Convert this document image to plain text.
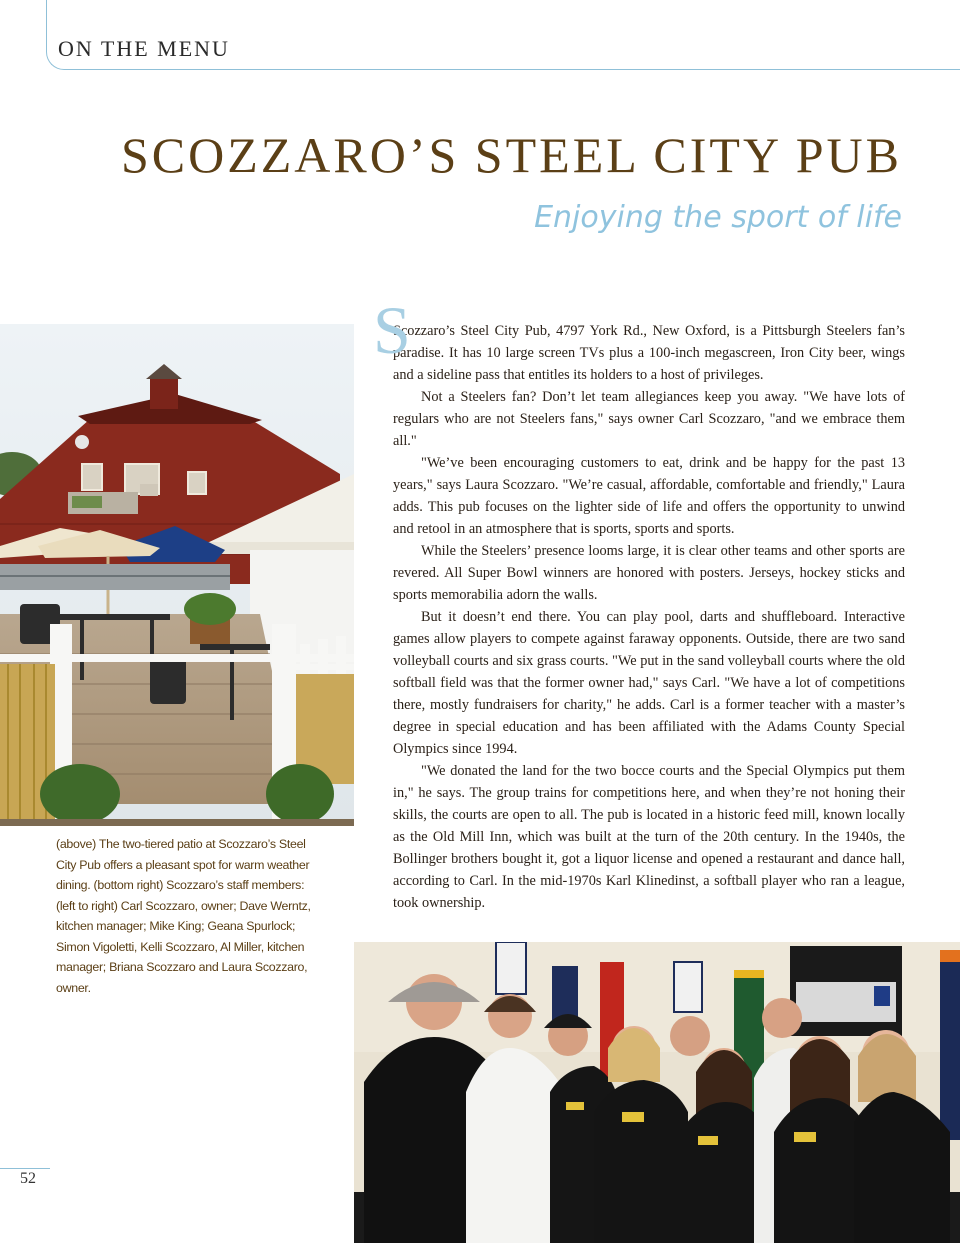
ON THE MENU
SCOZZARO’S STEEL CITY PUB
Enjoying the sport of life
(above) The two-tiered patio at Scozzaro’s Steel City Pub offers a pleasant spot for warm weather dining. (bottom right) Scozzaro’s staff members: (left to right) Carl Scozzaro, owner; Dave Werntz, kitchen manager; Mike King; Geana Spurlock; Simon Vigoletti, Kelli Scozzaro, Al Miller, kitchen manager; Briana Scozzaro and Laura Scozzaro, owner.
S

Scozzaro’s Steel City Pub, 4797 York Rd., New Oxford, is a Pittsburgh Steelers fan’s paradise. It has 10 large screen TVs plus a 100-inch megascreen, Iron City beer, wings and a sideline pass that entitles its holders to a host of privileges.

Not a Steelers fan? Don’t let team allegiances keep you away. "We have lots of regulars who are not Steelers fans," says owner Carl Scozzaro, "and we embrace them all."

"We’ve been encouraging customers to eat, drink and be happy for the past 13 years," says Laura Scozzaro. "We’re casual, affordable, comfortable and friendly," Laura adds. This pub focuses on the lighter side of life and offers the opportunity to unwind and retool in an atmosphere that is sports, sports and sports.

While the Steelers’ presence looms large, it is clear other teams and other sports are revered. All Super Bowl winners are honored with posters. Jerseys, hockey sticks and sports memorabilia adorn the walls.

But it doesn’t end there. You can play pool, darts and shuffleboard. Interactive games allow players to compete against faraway opponents. Outside, there are two sand volleyball courts and six grass courts. "We put in the sand volleyball courts where the old softball field was that the former owner had," says Carl. "We have a lot of competitions there, mostly fundraisers for charity," he adds. Carl is a former teacher with a master’s degree in special education and has been affiliated with the Adams County Special Olympics since 1994.

"We donated the land for the two bocce courts and the Special Olympics put them in," he says. The group trains for competitions here, and when they’re not honing their skills, the courts are open to all. The pub is located in a historic feed mill, known locally as the Old Mill Inn, which was built at the turn of the 20th century. In the 1940s, the Bollinger brothers bought it, got a liquor license and opened a restaurant and dance hall, according to Carl. In the mid-1970s Karl Klinedinst, a softball player who ran a league, took ownership.

52
